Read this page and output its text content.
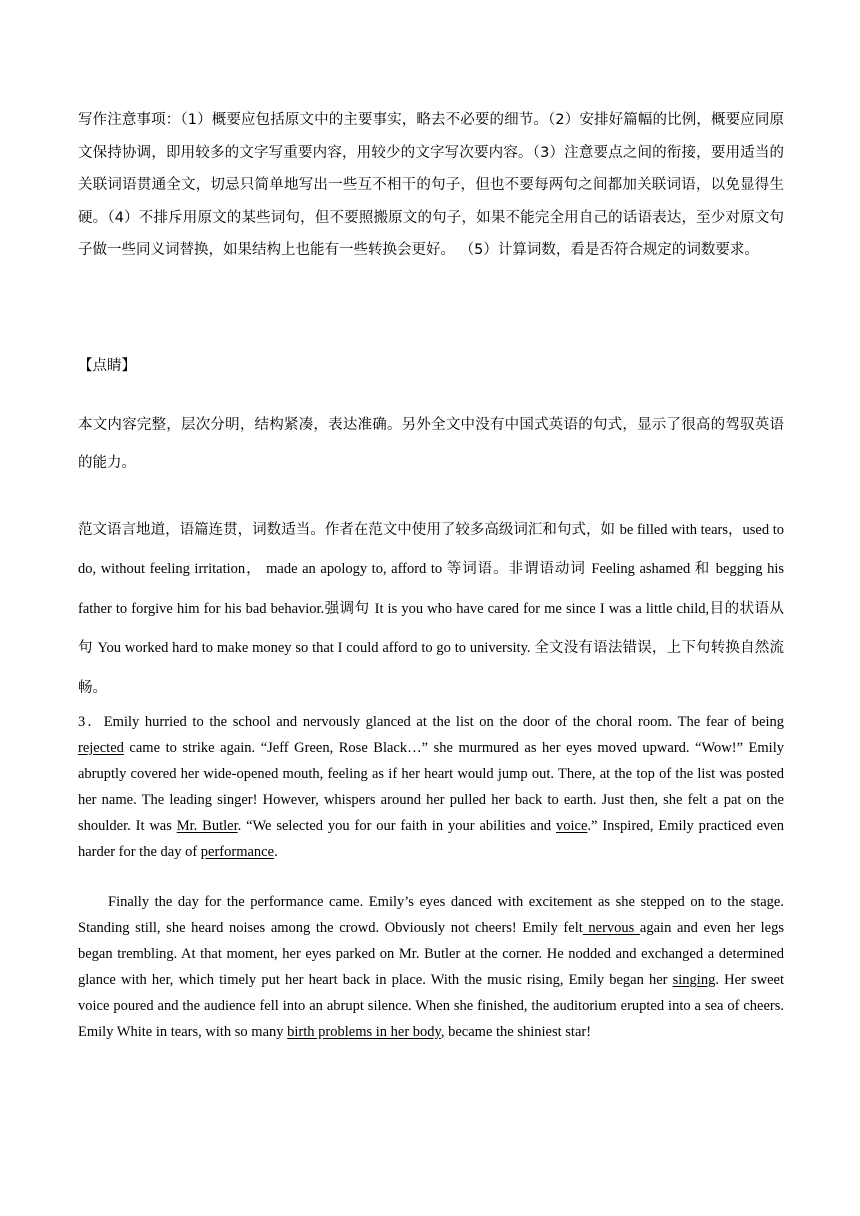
写作注意事项：（1）概要应包括原文中的主要事实，略去不必要的细节。（2）安排好篇幅的比例，概要应同原文保持协调，即用较多的文字写重要内容，用较少的文字写次要内容。（3）注意要点之间的衔接，要用适当的关联词语贯通全文，切忌只简单地写出一些互不相干的句子，但也不要每两句之间都加关联词语，以免显得生硬。（4）不排斥用原文的某些词句，但不要照搬原文的句子，如果不能完全用自己的话语表达，至少对原文句子做一些同义词替换，如果结构上也能有一些转换会更好。 （5）计算词数，看是否符合规定的词数要求。

【点睛】

本文内容完整，层次分明，结构紧凑，表达准确。另外全文中没有中国式英语的句式，显示了很高的驾驭英语的能力。

范文语言地道，语篇连贯，词数适当。作者在范文中使用了较多高级词汇和句式，如 be filled with tears，used to do, without feeling irritation， made an apology to, afford to 等词语。非谓语动词 Feeling ashamed 和 begging his father to forgive him for his bad behavior.强调句 It is you who have cared for me since I was a little child,目的状语从句 You worked hard to make money so that I could afford to go to university. 全文没有语法错误，上下句转换自然流畅。

3．Emily hurried to the school and nervously glanced at the list on the door of the choral room. The fear of being rejected came to strike again. “Jeff Green, Rose Black…” she murmured as her eyes moved upward. “Wow!” Emily abruptly covered her wide-opened mouth, feeling as if her heart would jump out. There, at the top of the list was posted her name. The leading singer! However, whispers around her pulled her back to earth. Just then, she felt a pat on the shoulder. It was Mr. Butler. “We selected you for our faith in your abilities and voice.” Inspired, Emily practiced even harder for the day of performance.

Finally the day for the performance came. Emily’s eyes danced with excitement as she stepped on to the stage. Standing still, she heard noises among the crowd. Obviously not cheers! Emily felt nervous again and even her legs began trembling. At that moment, her eyes parked on Mr. Butler at the corner. He nodded and exchanged a determined glance with her, which timely put her heart back in place. With the music rising, Emily began her singing. Her sweet voice poured and the audience fell into an abrupt silence. When she finished, the auditorium erupted into a sea of cheers. Emily White in tears, with so many birth problems in her body, became the shiniest star!
